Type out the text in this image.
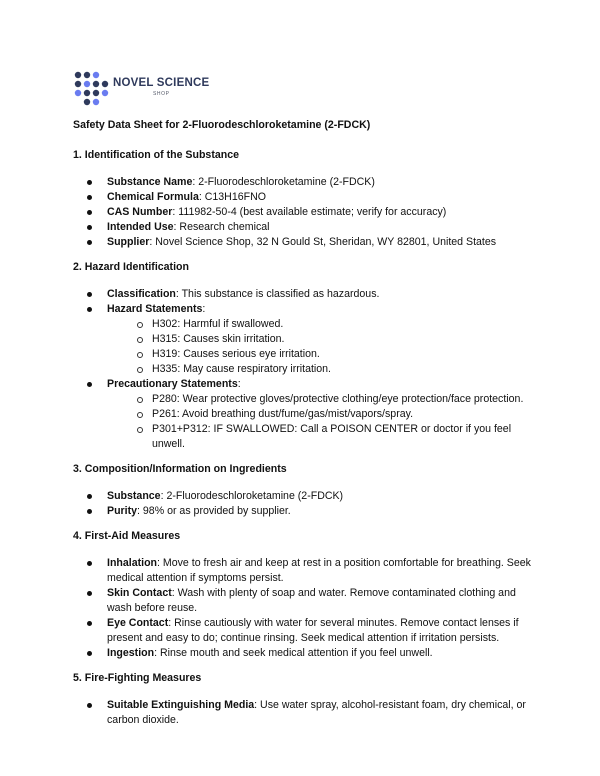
NOVEL SCIENCE
SHOP
Safety Data Sheet for 2-Fluorodeschloroketamine (2-FDCK)
1. Identification of the Substance
Substance Name: 2-Fluorodeschloroketamine (2-FDCK)
Chemical Formula: C13H16FNO
CAS Number: 111982-50-4 (best available estimate; verify for accuracy)
Intended Use: Research chemical
Supplier: Novel Science Shop, 32 N Gould St, Sheridan, WY 82801, United States
2. Hazard Identification
Classification: This substance is classified as hazardous.
Hazard Statements:
H302: Harmful if swallowed.
H315: Causes skin irritation.
H319: Causes serious eye irritation.
H335: May cause respiratory irritation.
Precautionary Statements:
P280: Wear protective gloves/protective clothing/eye protection/face protection.
P261: Avoid breathing dust/fume/gas/mist/vapors/spray.
P301+P312: IF SWALLOWED: Call a POISON CENTER or doctor if you feel unwell.
3. Composition/Information on Ingredients
Substance: 2-Fluorodeschloroketamine (2-FDCK)
Purity: 98% or as provided by supplier.
4. First-Aid Measures
Inhalation: Move to fresh air and keep at rest in a position comfortable for breathing. Seek medical attention if symptoms persist.
Skin Contact: Wash with plenty of soap and water. Remove contaminated clothing and wash before reuse.
Eye Contact: Rinse cautiously with water for several minutes. Remove contact lenses if present and easy to do; continue rinsing. Seek medical attention if irritation persists.
Ingestion: Rinse mouth and seek medical attention if you feel unwell.
5. Fire-Fighting Measures
Suitable Extinguishing Media: Use water spray, alcohol-resistant foam, dry chemical, or carbon dioxide.
